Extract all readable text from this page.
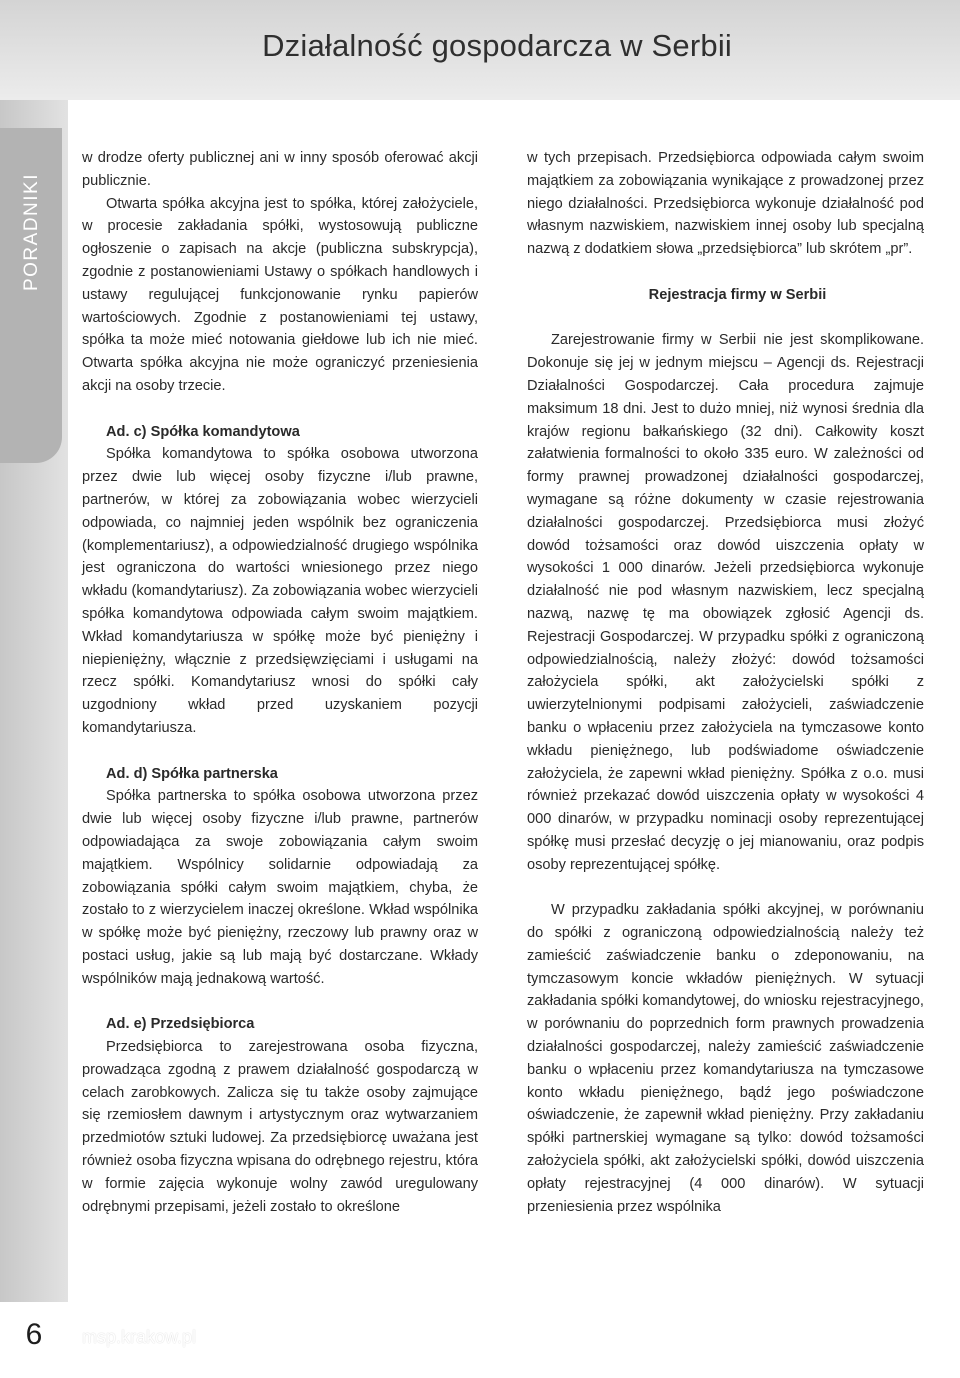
Działalność gospodarcza w Serbii
PORADNIKI
6	msp.krakow.pl

w drodze oferty publicznej ani w inny sposób oferować akcji publicznie.

Otwarta spółka akcyjna jest to spółka, której założyciele, w procesie zakładania spółki, wystosowują publiczne ogłoszenie o zapisach na akcje (publiczna subskrypcja), zgodnie z postanowieniami Ustawy o spółkach handlowych i ustawy regulującej funkcjonowanie rynku papierów wartościowych. Zgodnie z postanowieniami tej ustawy, spółka ta może mieć notowania giełdowe lub ich nie mieć. Otwarta spółka akcyjna nie może ograniczyć przeniesienia akcji na osoby trzecie.

Ad. c) Spółka komandytowa

Spółka komandytowa to spółka osobowa utworzona przez dwie lub więcej osoby fizyczne i/lub prawne, partnerów, w której za zobowiązania wobec wierzycieli odpowiada, co najmniej jeden wspólnik bez ograniczenia (komplementariusz), a odpowiedzialność drugiego wspólnika jest ograniczona do wartości wniesionego przez niego wkładu (komandytariusz). Za zobowiązania wobec wierzycieli spółka komandytowa odpowiada całym swoim majątkiem. Wkład komandytariusza w spółkę może być pieniężny i niepieniężny, włącznie z przedsięwzięciami i usługami na rzecz spółki. Komandytariusz wnosi do spółki cały uzgodniony wkład przed uzyskaniem pozycji komandytariusza.

Ad. d) Spółka partnerska

Spółka partnerska to spółka osobowa utworzona przez dwie lub więcej osoby fizyczne i/lub prawne, partnerów odpowiadająca za swoje zobowiązania całym swoim majątkiem. Wspólnicy solidarnie odpowiadają za zobowiązania spółki całym swoim majątkiem, chyba, że zostało to z wierzycielem inaczej określone. Wkład wspólnika w spółkę może być pieniężny, rzeczowy lub prawny oraz w postaci usług, jakie są lub mają być dostarczane. Wkłady wspólników mają jednakową wartość.

Ad. e) Przedsiębiorca

Przedsiębiorca to zarejestrowana osoba fizyczna, prowadząca zgodną z prawem działalność gospodarczą w celach zarobkowych. Zalicza się tu także osoby zajmujące się rzemiosłem dawnym i artystycznym oraz wytwarzaniem przedmiotów sztuki ludowej. Za przedsiębiorcę uważana jest również osoba fizyczna wpisana do odrębnego rejestru, która w formie zajęcia wykonuje wolny zawód uregulowany odrębnymi przepisami, jeżeli zostało to określone

w tych przepisach. Przedsiębiorca odpowiada całym swoim majątkiem za zobowiązania wynikające z prowadzonej przez niego działalności. Przedsiębiorca wykonuje działalność pod własnym nazwiskiem, nazwiskiem innej osoby lub specjalną nazwą z dodatkiem słowa „przedsiębiorca” lub skrótem „pr”.

Rejestracja firmy w Serbii

Zarejestrowanie firmy w Serbii nie jest skomplikowane. Dokonuje się jej w jednym miejscu – Agencji ds. Rejestracji Działalności Gospodarczej. Cała procedura zajmuje maksimum 18 dni. Jest to dużo mniej, niż wynosi średnia dla krajów regionu bałkańskiego (32 dni). Całkowity koszt załatwienia formalności to około 335 euro. W zależności od formy prawnej prowadzonej działalności gospodarczej, wymagane są różne dokumenty w czasie rejestrowania działalności gospodarczej. Przedsiębiorca musi złożyć dowód tożsamości oraz dowód uiszczenia opłaty w wysokości 1 000 dinarów. Jeżeli przedsiębiorca wykonuje działalność nie pod własnym nazwiskiem, lecz specjalną nazwą, nazwę tę ma obowiązek zgłosić Agencji ds. Rejestracji Gospodarczej. W przypadku spółki z ograniczoną odpowiedzialnością, należy złożyć: dowód tożsamości założyciela spółki, akt założycielski spółki z uwierzytelnionymi podpisami założycieli, zaświadczenie banku o wpłaceniu przez założyciela na tymczasowe konto wkładu pieniężnego, lub podświadome oświadczenie założyciela, że zapewni wkład pieniężny. Spółka z o.o. musi również przekazać dowód uiszczenia opłaty w wysokości 4 000 dinarów, w przypadku nominacji osoby reprezentującej spółkę musi przesłać decyzję o jej mianowaniu, oraz podpis osoby reprezentującej spółkę.

W przypadku zakładania spółki akcyjnej, w porównaniu do spółki z ograniczoną odpowiedzialnością należy też zamieścić zaświadczenie banku o zdeponowaniu, na tymczasowym koncie wkładów pieniężnych. W sytuacji zakładania spółki komandytowej, do wniosku rejestracyjnego, w porównaniu do poprzednich form prawnych prowadzenia działalności gospodarczej, należy zamieścić zaświadczenie banku o wpłaceniu przez komandytariusza na tymczasowe konto wkładu pieniężnego, bądź jego poświadczone oświadczenie, że zapewnił wkład pieniężny. Przy zakładaniu spółki partnerskiej wymagane są tylko: dowód tożsamości założyciela spółki, akt założycielski spółki, dowód uiszczenia opłaty rejestracyjnej (4 000 dinarów). W sytuacji przeniesienia przez wspólnika
